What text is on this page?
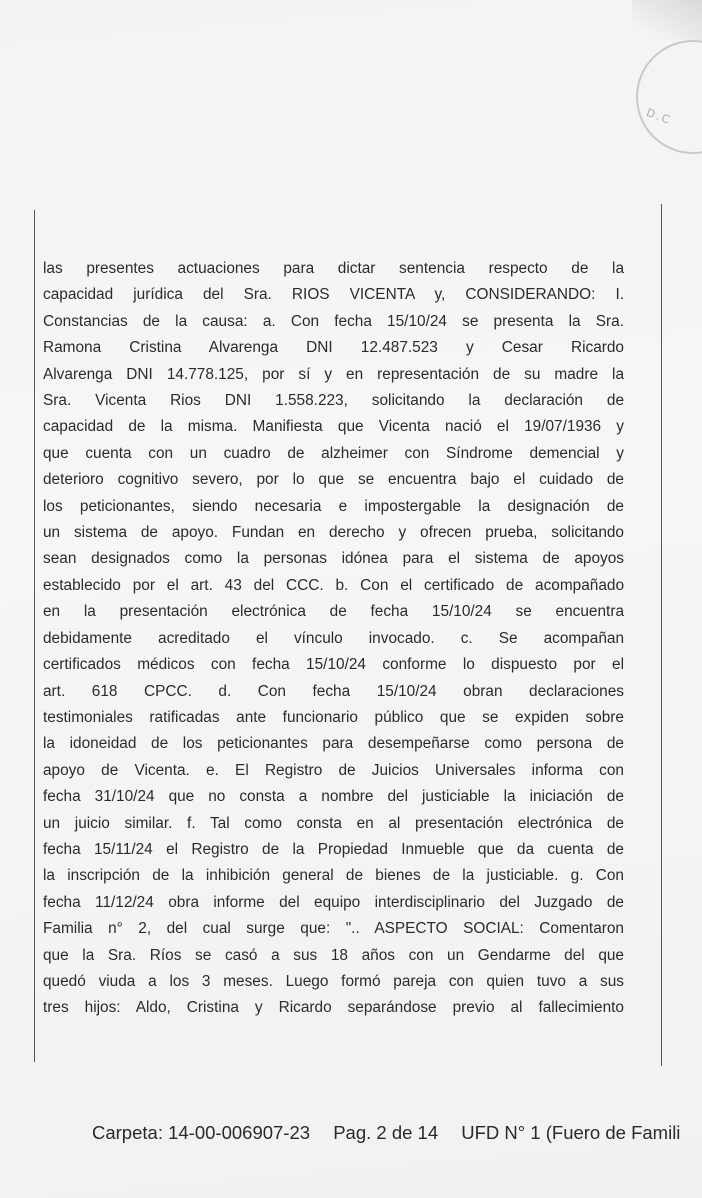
D.C
las presentes actuaciones para dictar sentencia respecto de la
capacidad jurídica del Sra. RIOS VICENTA y, CONSIDERANDO: I.
Constancias de la causa: a. Con fecha 15/10/24 se presenta la Sra.
Ramona Cristina Alvarenga DNI 12.487.523 y Cesar Ricardo
Alvarenga DNI 14.778.125, por sí y en representación de su madre la
Sra. Vicenta Rios DNI 1.558.223, solicitando la declaración de
capacidad de la misma. Manifiesta que Vicenta nació el 19/07/1936 y
que cuenta con un cuadro de alzheimer con Síndrome demencial y
deterioro cognitivo severo, por lo que se encuentra bajo el cuidado de
los peticionantes, siendo necesaria e impostergable la designación de
un sistema de apoyo. Fundan en derecho y ofrecen prueba, solicitando
sean designados como la personas idónea para el sistema de apoyos
establecido por el art. 43 del CCC. b. Con el certificado de acompañado
en la presentación electrónica de fecha 15/10/24 se encuentra
debidamente acreditado el vínculo invocado. c. Se acompañan
certificados médicos con fecha 15/10/24 conforme lo dispuesto por el
art. 618 CPCC. d. Con fecha 15/10/24 obran declaraciones
testimoniales ratificadas ante funcionario público que se expiden sobre
la idoneidad de los peticionantes para desempeñarse como persona de
apoyo de Vicenta. e. El Registro de Juicios Universales informa con
fecha 31/10/24 que no consta a nombre del justiciable la iniciación de
un juicio similar. f. Tal como consta en al presentación electrónica de
fecha 15/11/24 el Registro de la Propiedad Inmueble que da cuenta de
la inscripción de la inhibición general de bienes de la justiciable. g. Con
fecha 11/12/24 obra informe del equipo interdisciplinario del Juzgado de
Familia n° 2, del cual surge que: ".. ASPECTO SOCIAL: Comentaron
que la Sra. Ríos se casó a sus 18 años con un Gendarme del que
quedó viuda a los 3 meses. Luego formó pareja con quien tuvo a sus
tres hijos: Aldo, Cristina y Ricardo separándose previo al fallecimiento
Carpeta: 14-00-006907-23 Pag. 2 de 14 UFD N° 1 (Fuero de Famili
